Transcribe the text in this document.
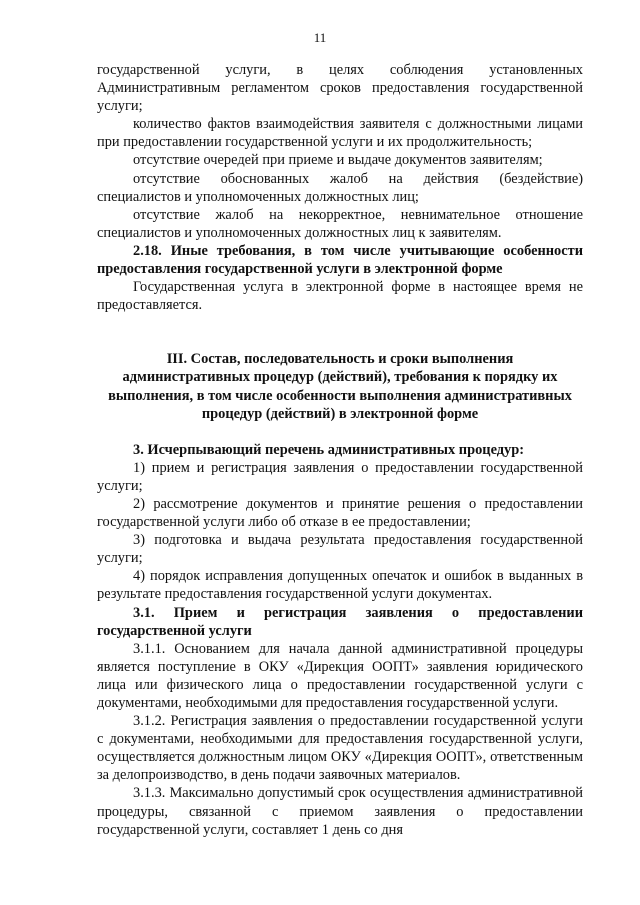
11

государственной услуги, в целях соблюдения установленных Административным регламентом сроков предоставления государственной услуги;

количество фактов взаимодействия заявителя с должностными лицами при предоставлении государственной услуги и их продолжительность;

отсутствие очередей при приеме и выдаче документов заявителям;

отсутствие обоснованных жалоб на действия (бездействие) специалистов и уполномоченных должностных лиц;

отсутствие жалоб на некорректное, невнимательное отношение специалистов и уполномоченных должностных лиц к заявителям.

2.18. Иные требования, в том числе учитывающие особенности предоставления государственной услуги в электронной форме

Государственная услуга в электронной форме в настоящее время не предоставляется.

III. Состав, последовательность и сроки выполнения административных процедур (действий), требования к порядку их выполнения, в том числе особенности выполнения административных процедур (действий) в электронной форме

3. Исчерпывающий перечень административных процедур:

1) прием и регистрация заявления о предоставлении государственной услуги;

2) рассмотрение документов и принятие решения о предоставлении государственной услуги либо об отказе в ее предоставлении;

3) подготовка и выдача результата предоставления государственной услуги;

4) порядок исправления допущенных опечаток и ошибок в выданных в результате предоставления государственной услуги документах.

3.1. Прием и регистрация заявления о предоставлении государственной услуги

3.1.1. Основанием для начала данной административной процедуры является поступление в ОКУ «Дирекция ООПТ» заявления юридического лица или физического лица о предоставлении государственной услуги с документами, необходимыми для предоставления государственной услуги.

3.1.2. Регистрация заявления о предоставлении государственной услуги с документами, необходимыми для предоставления государственной услуги, осуществляется должностным лицом ОКУ «Дирекция ООПТ», ответственным за делопроизводство, в день подачи заявочных материалов.

3.1.3. Максимально допустимый срок осуществления административной процедуры, связанной с приемом заявления о предоставлении государственной услуги, составляет 1 день со дня
